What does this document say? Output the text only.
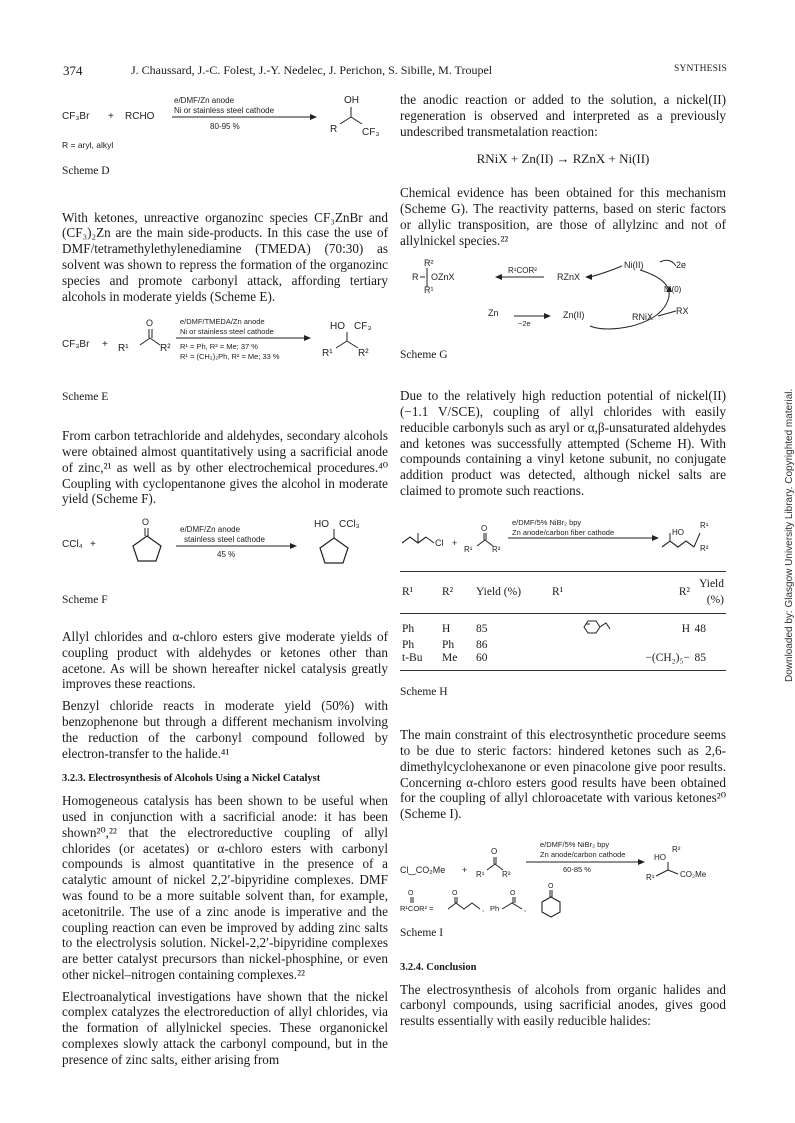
374	J. Chaussard, J.-C. Folest, J.-Y. Nedelec, J. Perichon, S. Sibille, M. Troupel	SYNTHESIS
CF₃Br + RCHO
e/DMF/Zn anode
Ni or stainless steel cathode
80-95 %
OH
R CF₃
R = aryl, alkyl
Scheme D

With ketones, unreactive organozinc species CF₃ZnBr and (CF₃)₂Zn are the main side-products. In this case the use of DMF/tetramethylethylenediamine (TMEDA) (70:30) as solvent was shown to repress the formation of the organozinc species and promote carbonyl attack, affording tertiary alcohols in moderate yields (Scheme E).

CF₃Br +
O
R¹	R²
e/DMF/TMEDA/Zn anode
Ni or stainless steel cathode
R¹ = Ph, R² = Me; 37 %
R¹ = (CH₂)₂Ph, R² = Me; 33 %
HO CF₃
R¹	R²
Scheme E

From carbon tetrachloride and aldehydes, secondary alcohols were obtained almost quantitatively using a sacrificial anode of zinc,²¹ as well as by other electrochemical procedures.⁴⁰ Coupling with cyclopentanone gives the alcohol in moderate yield (Scheme F).

CCl₄ +
O
e/DMF/Zn anode
stainless steel cathode
45 %
HO CCl₃
Scheme F

Allyl chlorides and α-chloro esters give moderate yields of coupling product with aldehydes or ketones other than acetone. As will be shown hereafter nickel catalysis greatly improves these reactions.

Benzyl chloride reacts in moderate yield (50%) with benzophenone but through a different mechanism involving the reduction of the carbonyl compound followed by electron-transfer to the halide.⁴¹

3.2.3. Electrosynthesis of Alcohols Using a Nickel Catalyst

Homogeneous catalysis has been shown to be useful when used in conjunction with a sacrificial anode: it has been shown²⁰,²² that the electroreductive coupling of allyl chlorides (or acetates) or α-chloro esters with carbonyl compounds is almost quantitative in the presence of a catalytic amount of nickel 2,2′-bipyridine complexes. DMF was found to be a more suitable solvent than, for example, acetonitrile. The use of a zinc anode is imperative and the coupling reaction can even be improved by adding zinc salts to the electrolysis solution. Nickel-2,2′-bipyridine complexes are better catalyst precursors than nickel-phosphine, or even other nickel–nitrogen containing complexes.²²

Electroanalytical investigations have shown that the nickel complex catalyzes the electroreduction of allyl chlorides, via the formation of allylnickel species. These organonickel complexes slowly attack the carbonyl compound, but in the presence of zinc salts, either arising from

the anodic reaction or added to the solution, a nickel(II) regeneration is observed and interpreted as a previously undescribed transmetalation reaction:

RNiX + Zn(II) → RZnX + Ni(II)

Chemical evidence has been obtained for this mechanism (Scheme G). The reactivity patterns, based on steric factors or allylic transposition, are those of allylzinc and not of allylnickel species.²²

R²
R OZnX
R¹
R¹COR²
RZnX
Ni(II)	2e
Ni(0)
RNiX
RX
Zn
−2e
Zn(II)
Scheme G

Due to the relatively high reduction potential of nickel(II) (−1.1 V/SCE), coupling of allyl chlorides with easily reducible carbonyls such as aryl or α,β-unsaturated aldehydes and ketones was successfully attempted (Scheme H). With compounds containing a vinyl ketone subunit, no conjugate addition product was detected, although nickel salts are claimed to promote such reactions.

Cl +
O
R¹ R²
e/DMF/5% NiBr₂ bpy
Zn anode/carbon fiber cathode	HO
R¹
R²
R¹	R²	Yield (%)	R¹	R²	Yield (%)
Ph	H	85		H	48
Ph	Ph	86			
t-Bu	Me	60	−(CH₂)₅−		85
Scheme H

The main constraint of this electrosynthetic procedure seems to be due to steric factors: hindered ketones such as 2,6-dimethylcyclohexanone or even pinacolone give poor results. Concerning α-chloro esters good results have been obtained for the coupling of allyl chloroacetate with various ketones²⁰ (Scheme I).

Cl‿CO₂Me +
O
R¹ R²
e/DMF/5% NiBr₂ bpy
Zn anode/carbon cathode
60-85 %
HO
R²
R¹	CO₂Me
O
R¹COR² =
O
, Ph
O
,
O
Scheme I
3.2.4. Conclusion

The electrosynthesis of alcohols from organic halides and carbonyl compounds, using sacrificial anodes, gives good results essentially with easily reducible halides:

Downloaded by: Glasgow University Library. Copyrighted material.
